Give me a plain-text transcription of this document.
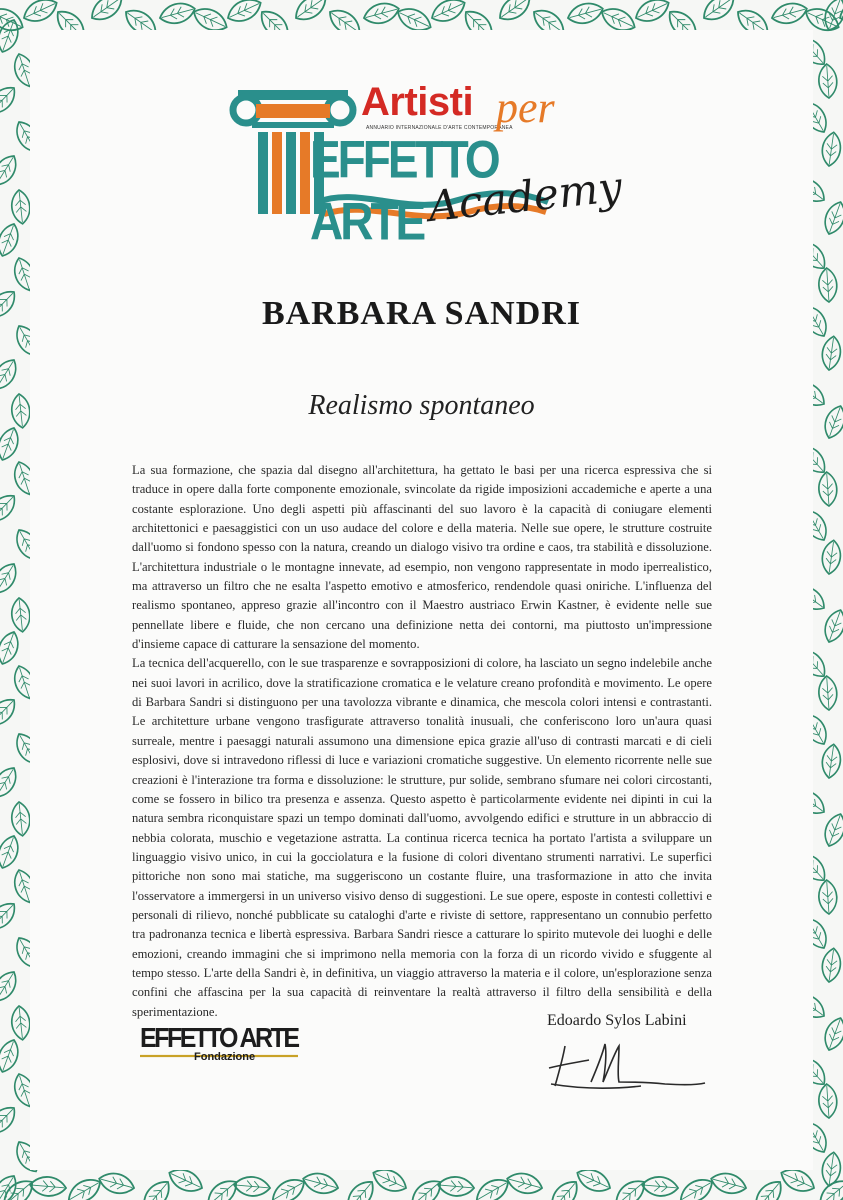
Artisti
ANNUARIO INTERNAZIONALE D'ARTE CONTEMPORANEA
per
EFFETTO ARTE Academy
BARBARA SANDRI
Realismo spontaneo

La sua formazione, che spazia dal disegno all'architettura, ha gettato le basi per una ricerca espressiva che si traduce in opere dalla forte componente emozionale, svincolate da rigide imposizioni accademiche e aperte a una costante esplorazione. Uno degli aspetti più affascinanti del suo lavoro è la capacità di coniugare elementi architettonici e paesaggistici con un uso audace del colore e della materia. Nelle sue opere, le strutture costruite dall'uomo si fondono spesso con la natura, creando un dialogo visivo tra ordine e caos, tra stabilità e dissoluzione. L'architettura industriale o le montagne innevate, ad esempio, non vengono rappresentate in modo iperrealistico, ma attraverso un filtro che ne esalta l'aspetto emotivo e atmosferico, rendendole quasi oniriche. L'influenza del realismo spontaneo, appreso grazie all'incontro con il Maestro austriaco Erwin Kastner, è evidente nelle sue pennellate libere e fluide, che non cercano una definizione netta dei contorni, ma piuttosto un'impressione d'insieme capace di catturare la sensazione del momento.

La tecnica dell'acquerello, con le sue trasparenze e sovrapposizioni di colore, ha lasciato un segno indelebile anche nei suoi lavori in acrilico, dove la stratificazione cromatica e le velature creano profondità e movimento. Le opere di Barbara Sandri si distinguono per una tavolozza vibrante e dinamica, che mescola colori intensi e contrastanti. Le architetture urbane vengono trasfigurate attraverso tonalità inusuali, che conferiscono loro un'aura quasi surreale, mentre i paesaggi naturali assumono una dimensione epica grazie all'uso di contrasti marcati e di cieli esplosivi, dove si intravedono riflessi di luce e variazioni cromatiche suggestive. Un elemento ricorrente nelle sue creazioni è l'interazione tra forma e dissoluzione: le strutture, pur solide, sembrano sfumare nei colori circostanti, come se fossero in bilico tra presenza e assenza. Questo aspetto è particolarmente evidente nei dipinti in cui la natura sembra riconquistare spazi un tempo dominati dall'uomo, avvolgendo edifici e strutture in un abbraccio di nebbia colorata, muschio e vegetazione astratta. La continua ricerca tecnica ha portato l'artista a sviluppare un linguaggio visivo unico, in cui la gocciolatura e la fusione di colori diventano strumenti narrativi. Le superfici pittoriche non sono mai statiche, ma suggeriscono un costante fluire, una trasformazione in atto che invita l'osservatore a immergersi in un universo visivo denso di suggestioni. Le sue opere, esposte in contesti collettivi e personali di rilievo, nonché pubblicate su cataloghi d'arte e riviste di settore, rappresentano un connubio perfetto tra padronanza tecnica e libertà espressiva. Barbara Sandri riesce a catturare lo spirito mutevole dei luoghi e delle emozioni, creando immagini che si imprimono nella memoria con la forza di un ricordo vivido e sfuggente al tempo stesso. L'arte della Sandri è, in definitiva, un viaggio attraverso la materia e il colore, un'esplorazione senza confini che affascina per la sua capacità di reinventare la realtà attraverso il filtro della sensibilità e della sperimentazione.

EFFETTO ARTE
Fondazione
Edoardo Sylos Labini
